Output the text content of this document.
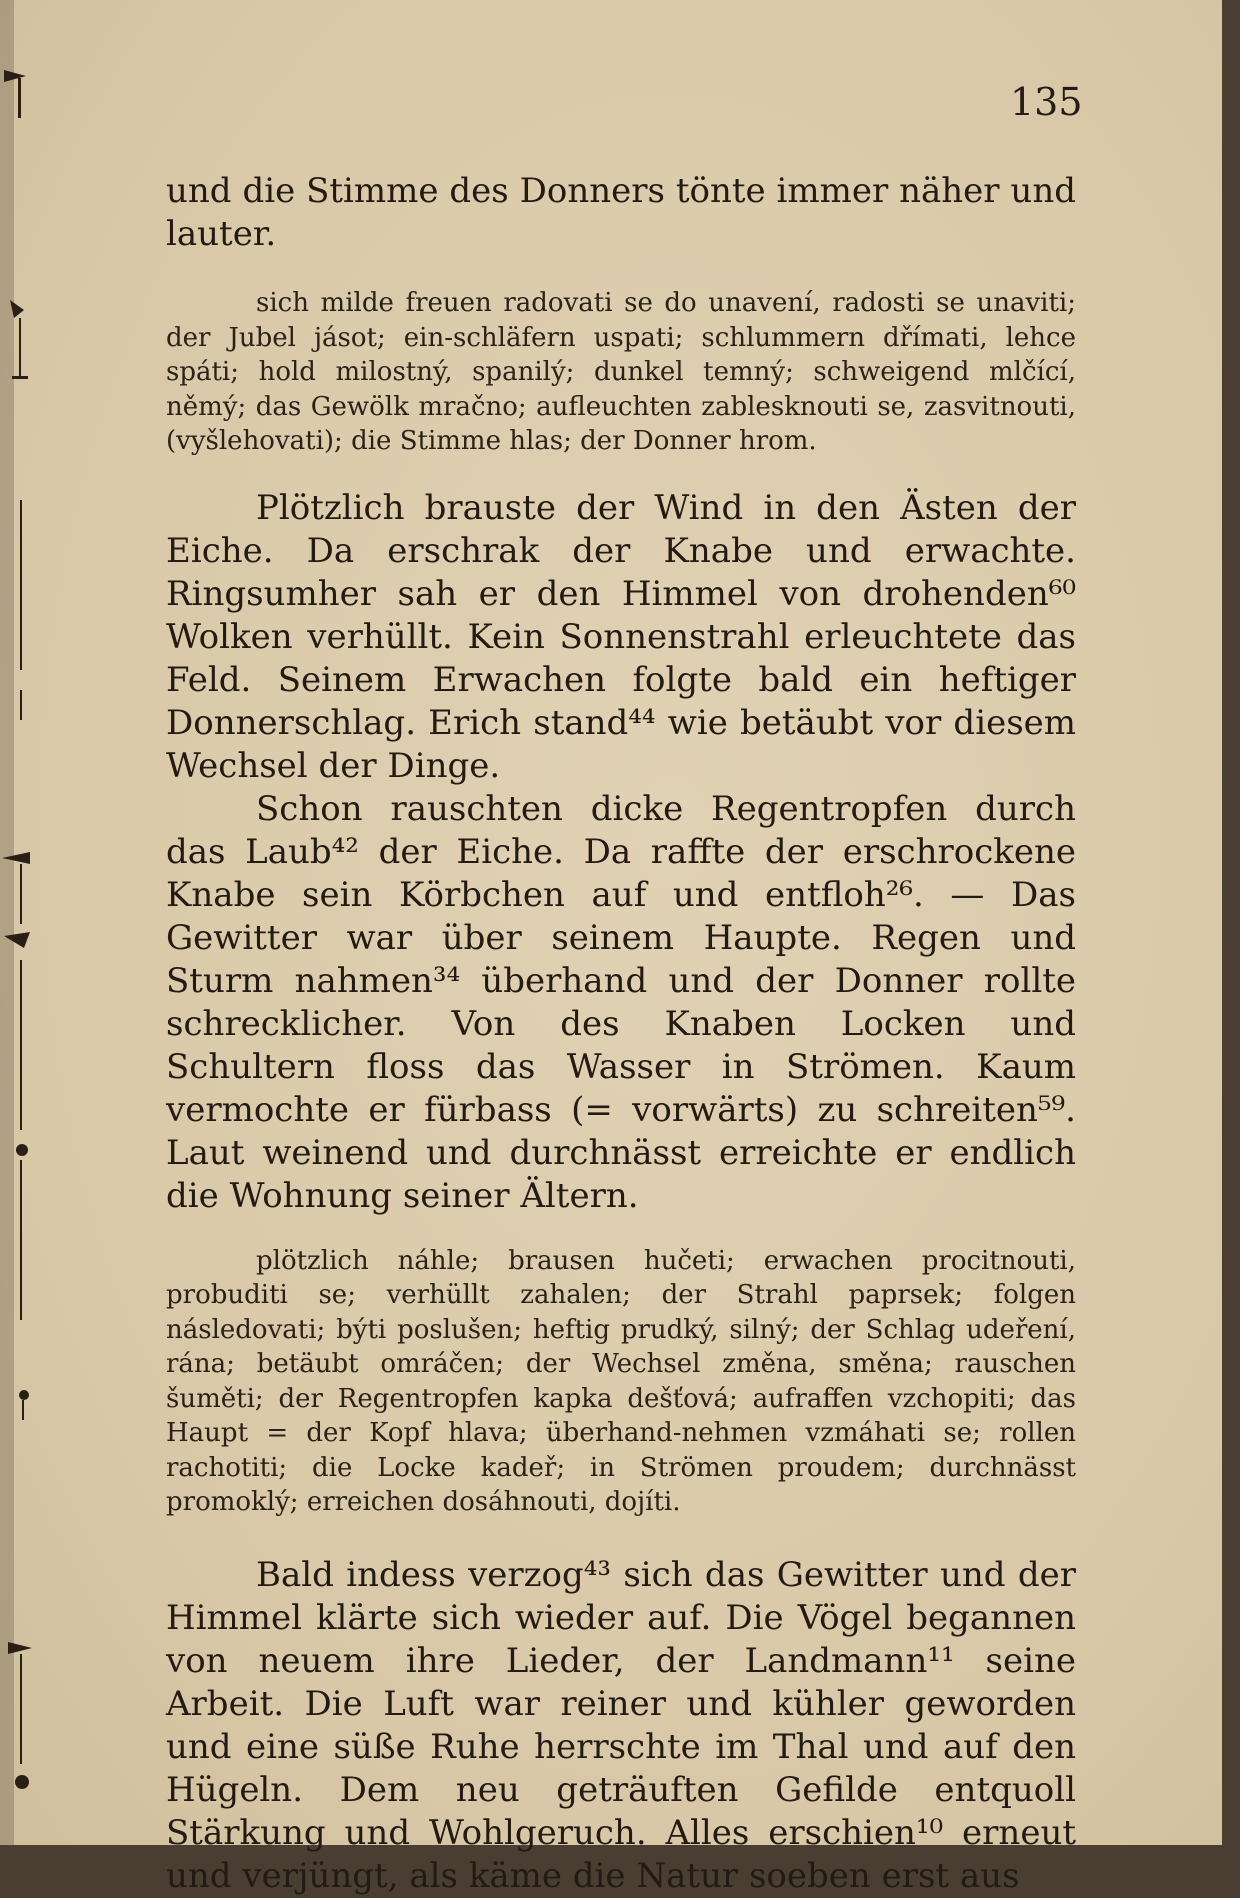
135

und die Stimme des Donners tönte immer näher und lauter.

sich milde freuen radovati se do unavení, radosti se unaviti; der Jubel jásot; ein-schläfern uspati; schlummern dřímati, lehce spáti; hold milostný, spanilý; dunkel temný; schweigend mlčící, němý; das Gewölk mračno; aufleuchten zablesknouti se, zasvitnouti, (vyšlehovati); die Stimme hlas; der Donner hrom.

Plötzlich brauste der Wind in den Ästen der Eiche. Da erschrak der Knabe und erwachte. Ringsumher sah er den Himmel von drohenden⁶⁰ Wolken verhüllt. Kein Sonnenstrahl erleuchtete das Feld. Seinem Erwachen folgte bald ein heftiger Donnerschlag. Erich stand⁴⁴ wie betäubt vor diesem Wechsel der Dinge.

Schon rauschten dicke Regentropfen durch das Laub⁴² der Eiche. Da raffte der erschrockene Knabe sein Körbchen auf und entfloh²⁶. — Das Gewitter war über seinem Haupte. Regen und Sturm nahmen³⁴ überhand und der Donner rollte schrecklicher. Von des Knaben Locken und Schultern floss das Wasser in Strömen. Kaum vermochte er fürbass (= vorwärts) zu schreiten⁵⁹. Laut weinend und durchnässt erreichte er endlich die Wohnung seiner Ältern.

plötzlich náhle; brausen hučeti; erwachen procitnouti, probuditi se; verhüllt zahalen; der Strahl paprsek; folgen následovati; býti poslušen; heftig prudký, silný; der Schlag udeření, rána; betäubt omráčen; der Wechsel změna, směna; rauschen šuměti; der Regentropfen kapka dešťová; aufraffen vzchopiti; das Haupt = der Kopf hlava; überhand-nehmen vzmáhati se; rollen rachotiti; die Locke kadeř; in Strömen proudem; durchnässt promoklý; erreichen dosáhnouti, dojíti.

Bald indess verzog⁴³ sich das Gewitter und der Himmel klärte sich wieder auf. Die Vögel begannen von neuem ihre Lieder, der Landmann¹¹ seine Arbeit. Die Luft war reiner und kühler geworden und eine süße Ruhe herrschte im Thal und auf den Hügeln. Dem neu geträuften Gefilde entquoll Stärkung und Wohlgeruch. Alles erschien¹⁰ erneut und verjüngt, als käme die Natur soeben erst aus
